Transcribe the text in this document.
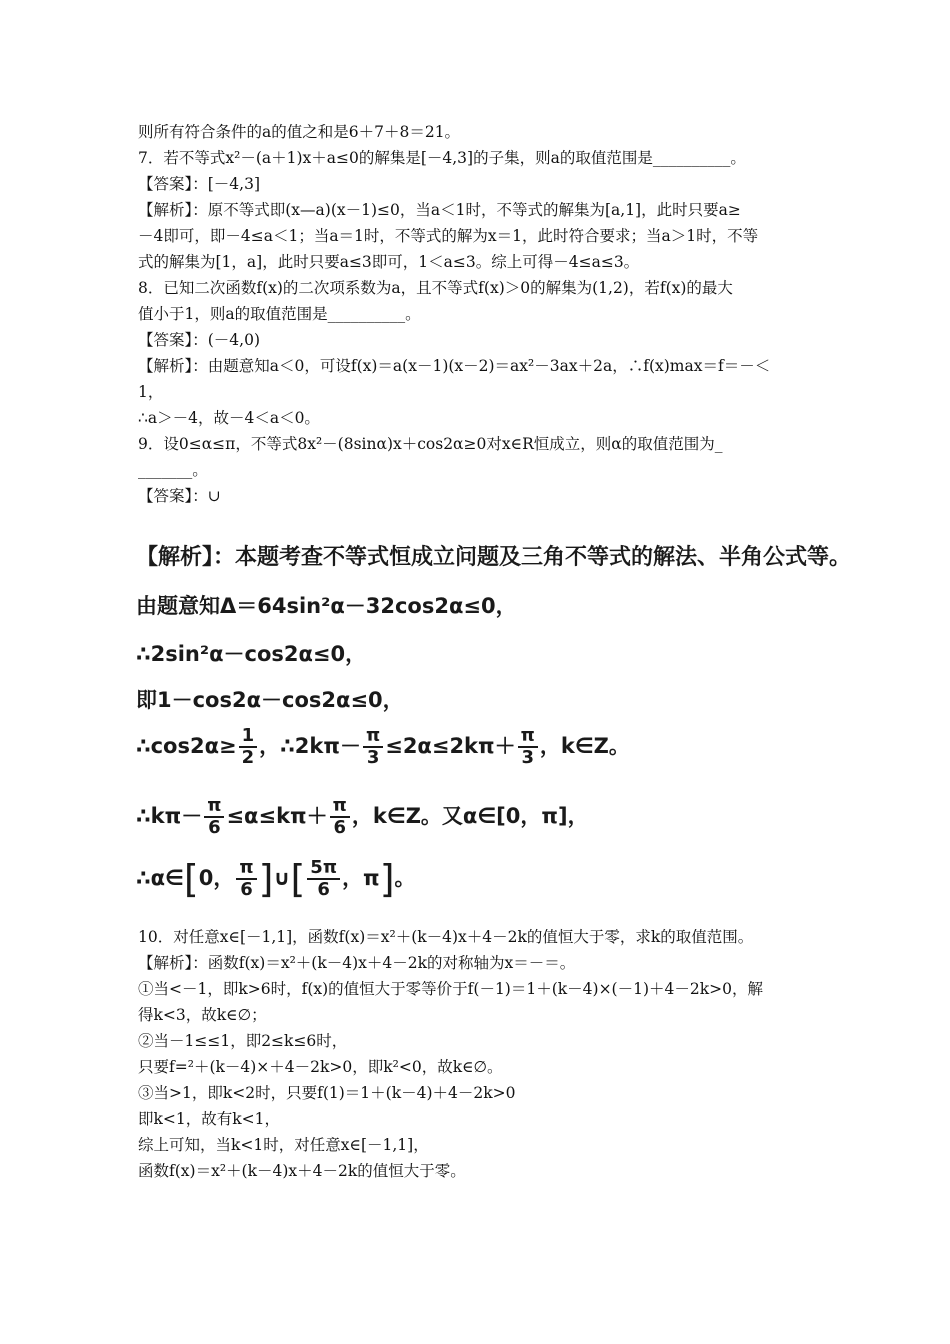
则所有符合条件的a的值之和是6＋7＋8＝21。
7．若不等式x²－(a＋1)x＋a≤0的解集是[－4,3]的子集，则a的取值范围是__________。
【答案】：[－4,3]
【解析】：原不等式即(x—a)(x－1)≤0，当a＜1时，不等式的解集为[a,1]，此时只要a≥
－4即可，即－4≤a＜1；当a＝1时，不等式的解为x＝1，此时符合要求；当a＞1时，不等
式的解集为[1，a]，此时只要a≤3即可，1＜a≤3。综上可得－4≤a≤3。
8．已知二次函数f(x)的二次项系数为a，且不等式f(x)＞0的解集为(1,2)，若f(x)的最大
值小于1，则a的取值范围是__________。
【答案】：(－4,0)
【解析】：由题意知a＜0，可设f(x)＝a(x－1)(x－2)＝ax²－3ax＋2a，∴f(x)max＝f＝－＜
1，
∴a＞－4，故－4＜a＜0。
9．设0≤α≤π，不等式8x²－(8sinα)x＋cos2α≥0对x∈R恒成立，则α的取值范围为_
_______。
【答案】：∪
【解析】：本题考查不等式恒成立问题及三角不等式的解法、半角公式等。
由题意知Δ＝64sin²α－32cos2α≤0，
∴2sin²α－cos2α≤0，
即1－cos2α－cos2α≤0，
∴cos2α≥ $\frac{1}{2}$ ，∴2kπ－ $\frac{\pi}{3} \le 2\alpha\le 2k\pi+ \frac{\pi}{3}$ ，k∈Z。
∴kπ－ $\frac{\pi}{6} \le\alpha\le k\pi+ \frac{\pi}{6}$ ，k∈Z。又α∈[0，π]，
∴α∈[0， $\frac{\pi}{6}$ ]∪[ $\frac{5\pi}{6}$ ，π]。
10．对任意x∈[－1,1]，函数f(x)＝x²＋(k－4)x＋4－2k的值恒大于零，求k的取值范围。
【解析】：函数f(x)＝x²＋(k－4)x＋4－2k的对称轴为x＝－＝。
①当<－1，即k>6时，f(x)的值恒大于零等价于f(－1)＝1＋(k－4)×(－1)＋4－2k>0，解
得k<3，故k∈∅；
②当－1≤≤1，即2≤k≤6时，
只要f=²＋(k－4)×＋4－2k>0，即k²<0，故k∈∅。
③当>1，即k<2时，只要f(1)＝1＋(k－4)＋4－2k>0
即k<1，故有k<1，
综上可知，当k<1时，对任意x∈[－1,1]，
函数f(x)＝x²＋(k－4)x＋4－2k的值恒大于零。
